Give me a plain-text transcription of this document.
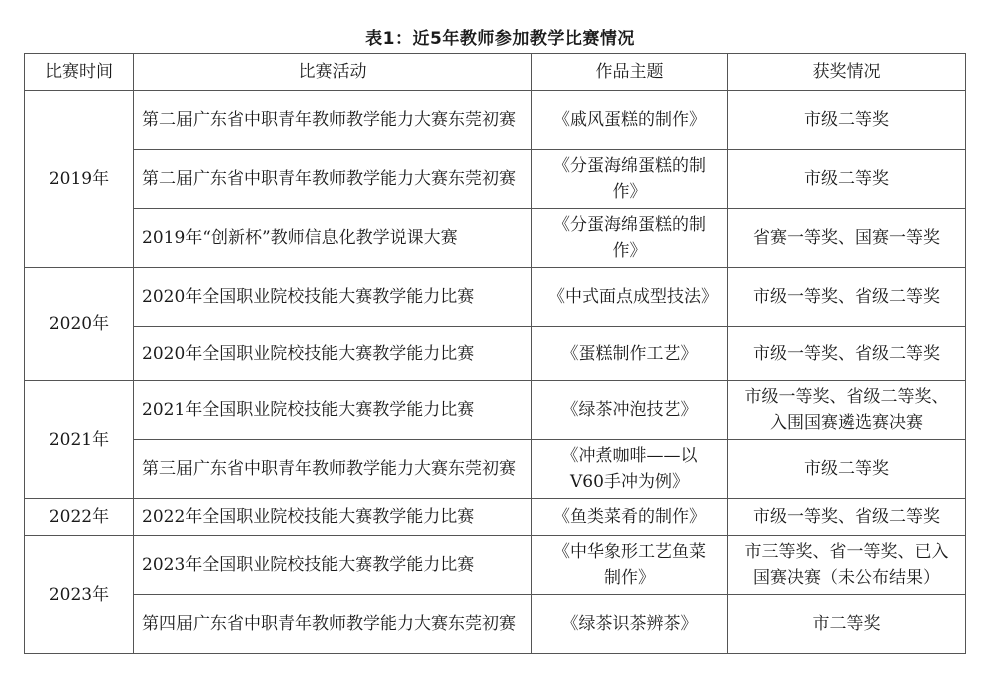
表1：近5年教师参加教学比赛情况
比赛时间	比赛活动	作品主题	获奖情况
2019年	第二届广东省中职青年教师教学能力大赛东莞初赛	《戚风蛋糕的制作》	市级二等奖
	第二届广东省中职青年教师教学能力大赛东莞初赛	《分蛋海绵蛋糕的制作》	市级二等奖
	2019年“创新杯”教师信息化教学说课大赛	《分蛋海绵蛋糕的制作》	省赛一等奖、国赛一等奖
2020年	2020年全国职业院校技能大赛教学能力比赛	《中式面点成型技法》	市级一等奖、省级二等奖
	2020年全国职业院校技能大赛教学能力比赛	《蛋糕制作工艺》	市级一等奖、省级二等奖
2021年	2021年全国职业院校技能大赛教学能力比赛	《绿茶冲泡技艺》	市级一等奖、省级二等奖、入围国赛遴选赛决赛
	第三届广东省中职青年教师教学能力大赛东莞初赛	《冲煮咖啡——以V60手冲为例》	市级二等奖
2022年	2022年全国职业院校技能大赛教学能力比赛	《鱼类菜肴的制作》	市级一等奖、省级二等奖
2023年	2023年全国职业院校技能大赛教学能力比赛	《中华象形工艺鱼菜制作》	市三等奖、省一等奖、已入国赛决赛（未公布结果）
	第四届广东省中职青年教师教学能力大赛东莞初赛	《绿茶识茶辨茶》	市二等奖
